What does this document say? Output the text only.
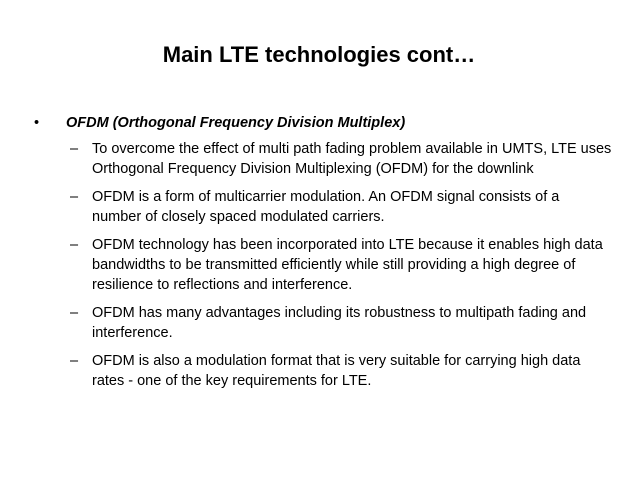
Main LTE technologies cont…
•	OFDM (Orthogonal Frequency Division Multiplex)
– To overcome the effect of multi path fading problem available in UMTS, LTE uses Orthogonal Frequency Division Multiplexing (OFDM) for the downlink
– OFDM is a form of multicarrier modulation. An OFDM signal consists of a number of closely spaced modulated carriers.
– OFDM technology has been incorporated into LTE because it enables high data bandwidths to be transmitted efficiently while still providing a high degree of resilience to reflections and interference.
– OFDM has many advantages including its robustness to multipath fading and interference.
– OFDM is also a modulation format that is very suitable for carrying high data rates - one of the key requirements for LTE.
